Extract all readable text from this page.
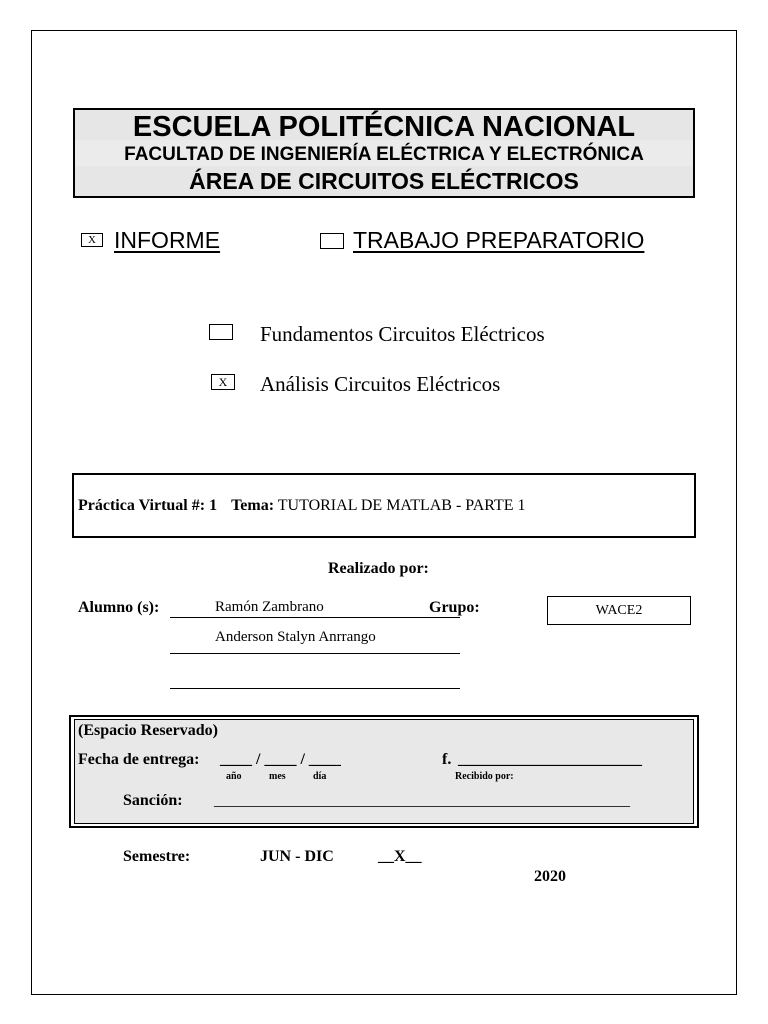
ESCUELA POLITÉCNICA NACIONAL
FACULTAD DE INGENIERÍA ELÉCTRICA Y ELECTRÓNICA
ÁREA DE CIRCUITOS ELÉCTRICOS
X INFORME	TRABAJO PREPARATORIO
Fundamentos Circuitos Eléctricos
X	Análisis Circuitos Eléctricos
Práctica Virtual #: 1 Tema: TUTORIAL DE MATLAB - PARTE 1
Realizado por:
Alumno (s):	Ramón Zambrano	Grupo:	WACE2
Anderson Stalyn Anrrango
(Espacio Reservado)
Fecha de entrega: ____ / ____ / ____
año	mes	día
f. _______________________
Recibido por:
Sanción: ____________________________________________________
Semestre:	JUN - DIC	__X__
2020
